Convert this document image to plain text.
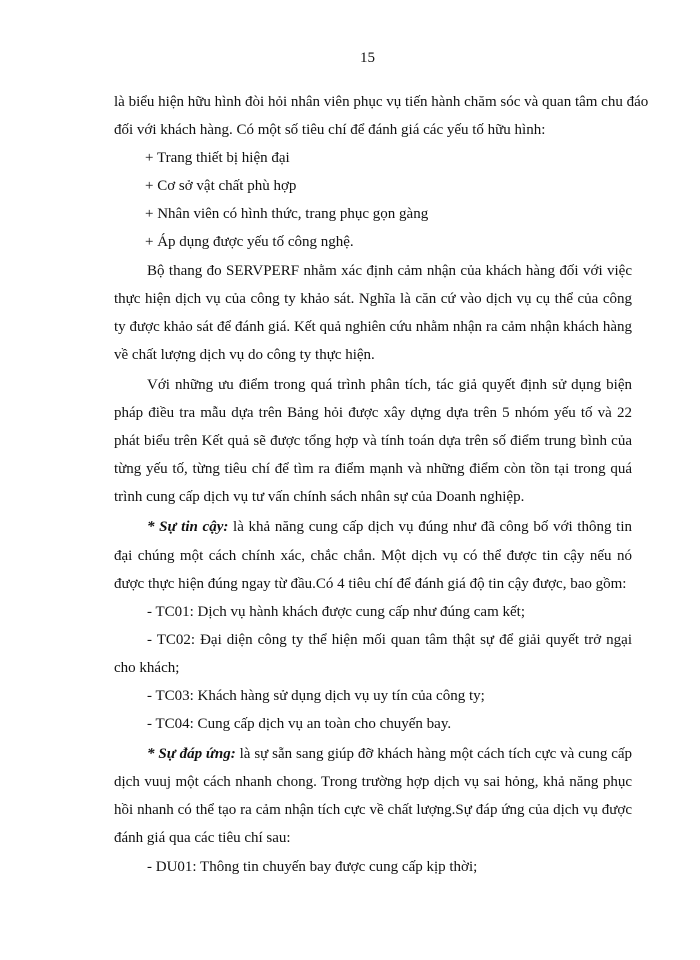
15

là biểu hiện hữu hình đòi hỏi nhân viên phục vụ tiến hành chăm sóc và quan tâm chu đáo

đối với khách hàng. Có một số tiêu chí để đánh giá các yếu tố hữu hình:

+ Trang thiết bị hiện đại

+ Cơ sở vật chất phù hợp

+ Nhân viên có hình thức, trang phục gọn gàng

+ Áp dụng được yếu tố công nghệ.

Bộ thang đo SERVPERF nhằm xác định cảm nhận của khách hàng đối với việc thực hiện dịch vụ của công ty khảo sát. Nghĩa là căn cứ vào dịch vụ cụ thể của công ty được khảo sát để đánh giá. Kết quả nghiên cứu nhằm nhận ra cảm nhận khách hàng về chất lượng dịch vụ do công ty thực hiện.

Với những ưu điểm trong quá trình phân tích, tác giả quyết định sử dụng biện pháp điều tra mẫu dựa trên Bảng hỏi được xây dựng dựa trên 5 nhóm yếu tố và 22 phát biểu trên Kết quả sẽ được tổng hợp và tính toán dựa trên số điểm trung bình của từng yếu tố, từng tiêu chí để tìm ra điểm mạnh và những điểm còn tồn tại trong quá trình cung cấp dịch vụ tư vấn chính sách nhân sự của Doanh nghiệp.

* Sự tin cậy: là khả năng cung cấp dịch vụ đúng như đã công bố với thông tin đại chúng một cách chính xác, chắc chắn. Một dịch vụ có thể được tin cậy nếu nó được thực hiện đúng ngay từ đầu.Có 4 tiêu chí để đánh giá độ tin cậy được, bao gồm:

- TC01: Dịch vụ hành khách được cung cấp như đúng cam kết;

- TC02: Đại diện công ty thể hiện mối quan tâm thật sự để giải quyết trở ngại cho khách;

- TC03: Khách hàng sử dụng dịch vụ uy tín của công ty;

- TC04: Cung cấp dịch vụ an toàn cho chuyến bay.

* Sự đáp ứng: là sự sẵn sang giúp đỡ khách hàng một cách tích cực và cung cấp dịch vuuj một cách nhanh chong. Trong trường hợp dịch vụ sai hỏng, khả năng phục hồi nhanh có thể tạo ra cảm nhận tích cực về chất lượng.Sự đáp ứng của dịch vụ được đánh giá qua các tiêu chí sau:

- DU01: Thông tin chuyến bay được cung cấp kịp thời;
